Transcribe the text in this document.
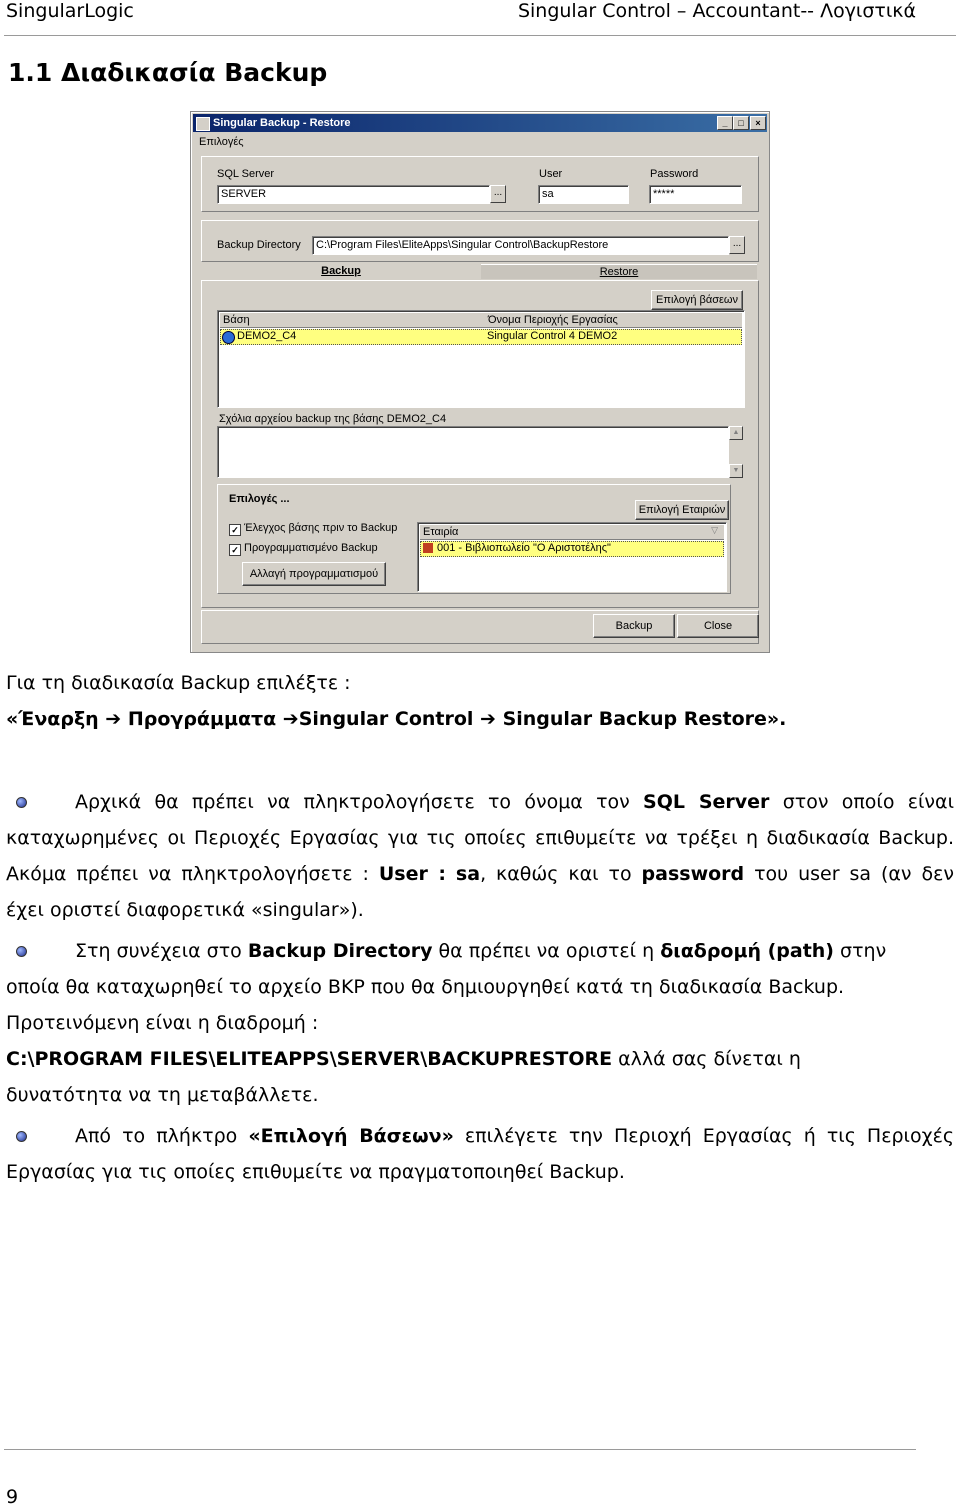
SingularLogic	Singular Control – Accountant-- Λογιστικά
1.1 Διαδικασία Backup
Singular Backup - Restore	_	□	×
Επιλογές
SQL Server
SERVER	...
User
sa
Password
*****
Backup Directory	C:\Program Files\EliteApps\Singular Control\BackupRestore	...
Backup	Restore
Επιλογή βάσεων
Βάση	Όνομα Περιοχής Εργασίας
DEMO2_C4	Singular Control 4 DEMO2
Σχόλια αρχείου backup της βάσης DEMO2_C4
▲
▼
Επιλογές ...
Επιλογή Εταιριών
✓ Έλεγχος βάσης πριν το Backup
✓ Προγραμματισμένο Backup
Αλλαγή προγραμματισμού
Εταιρία	▽
001 - Βιβλιοπωλείο "Ο Αριστοτέλης"
Backup	Close
Για τη διαδικασία Backup επιλέξτε :
«Έναρξη ➔ Προγράμματα ➔Singular Control ➔ Singular Backup Restore».
Αρχικά θα πρέπει να πληκτρολογήσετε το όνομα τον SQL Server στον οποίο είναι
καταχωρημένες οι Περιοχές Εργασίας για τις οποίες επιθυμείτε να τρέξει η διαδικασία Backup.
Ακόμα πρέπει να πληκτρολογήσετε : User : sa, καθώς και το password του user sa (αν δεν
έχει οριστεί διαφορετικά «singular»).
Στη συνέχεια στο Backup Directory θα πρέπει να οριστεί η διαδρομή (path) στην
οποία θα καταχωρηθεί το αρχείο BKP που θα δημιουργηθεί κατά τη διαδικασία Backup.
Προτεινόμενη είναι η διαδρομή :
C:\PROGRAM FILES\ELITEAPPS\SERVER\BACKUPRESTORE αλλά σας δίνεται η
δυνατότητα να τη μεταβάλλετε.
Από το πλήκτρο «Επιλογή Βάσεων» επιλέγετε την Περιοχή Εργασίας ή τις Περιοχές
Εργασίας για τις οποίες επιθυμείτε να πραγματοποιηθεί Backup.
9
